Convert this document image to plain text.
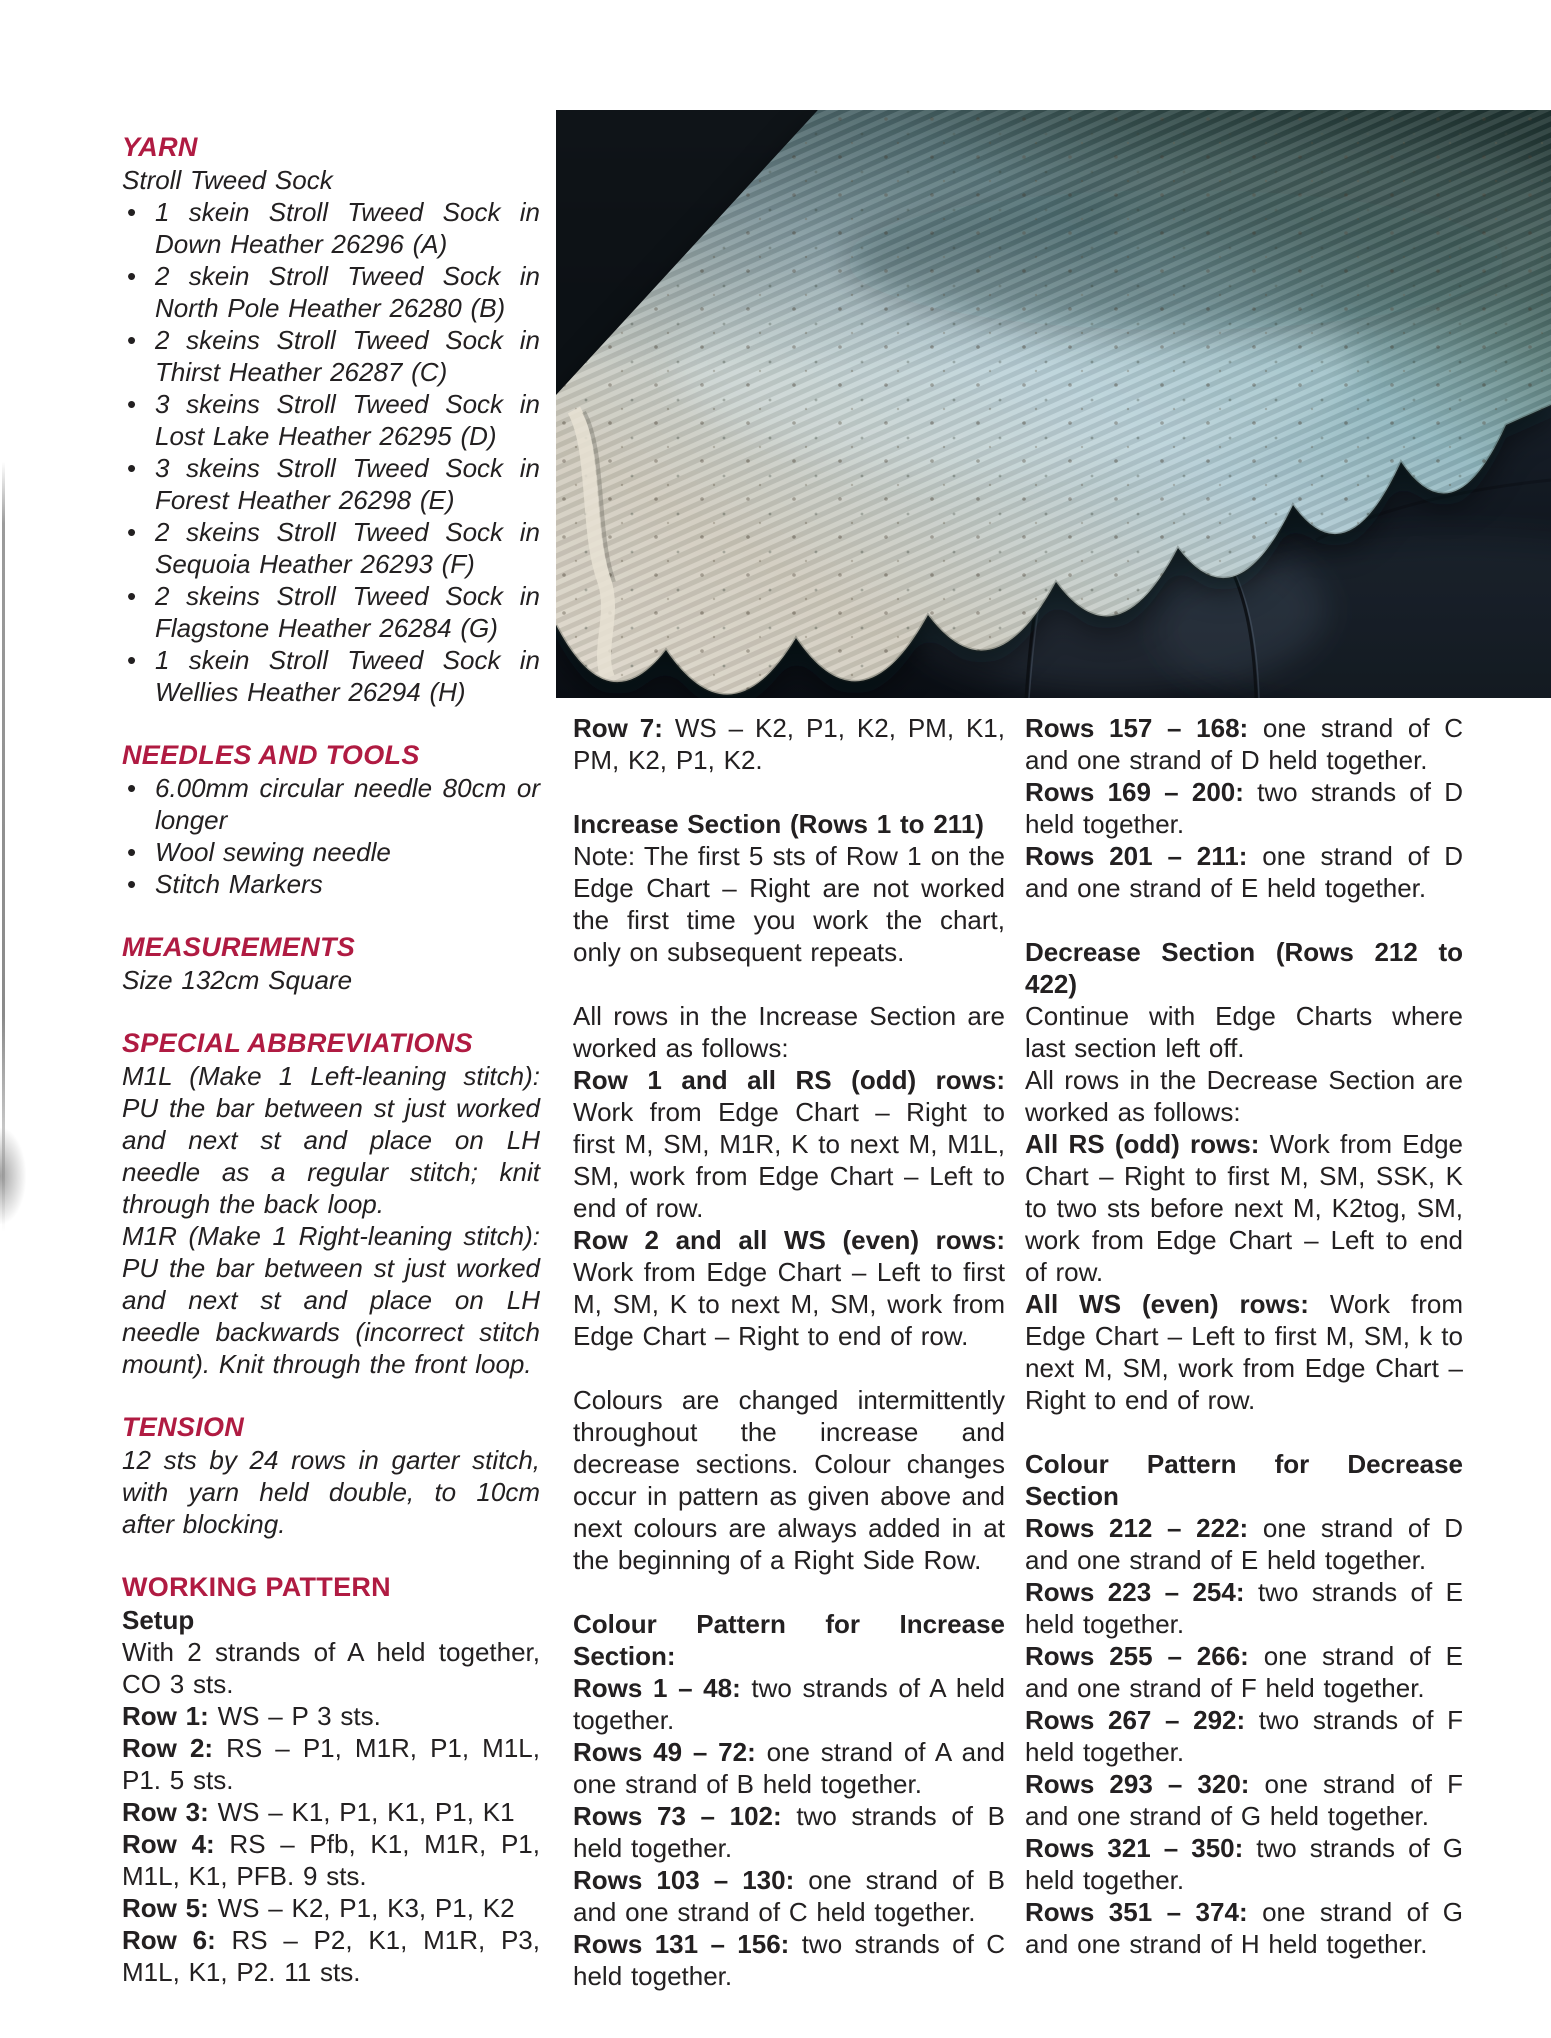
YARN

Stroll Tweed Sock

• 1 skein Stroll Tweed Sock in Down Heather 26296 (A)
• 2 skein Stroll Tweed Sock in North Pole Heather 26280 (B)
• 2 skeins Stroll Tweed Sock in Thirst Heather 26287 (C)
• 3 skeins Stroll Tweed Sock in Lost Lake Heather 26295 (D)
• 3 skeins Stroll Tweed Sock in Forest Heather 26298 (E)
• 2 skeins Stroll Tweed Sock in Sequoia Heather 26293 (F)
• 2 skeins Stroll Tweed Sock in Flagstone Heather 26284 (G)
• 1 skein Stroll Tweed Sock in Wellies Heather 26294 (H)
NEEDLES AND TOOLS
• 6.00mm circular needle 80cm or longer
• Wool sewing needle
• Stitch Markers
MEASUREMENTS

Size 132cm Square

SPECIAL ABBREVIATIONS

M1L (Make 1 Left-leaning stitch): PU the bar between st just worked and next st and place on LH needle as a regular stitch; knit through the back loop.

M1R (Make 1 Right-leaning stitch): PU the bar between st just worked and next st and place on LH needle backwards (incorrect stitch mount). Knit through the front loop.

TENSION

12 sts by 24 rows in garter stitch, with yarn held double, to 10cm after blocking.

WORKING PATTERN

Setup

With 2 strands of A held together, CO 3 sts.

Row 1: WS – P 3 sts.

Row 2: RS – P1, M1R, P1, M1L, P1. 5 sts.

Row 3: WS – K1, P1, K1, P1, K1

Row 4: RS – Pfb, K1, M1R, P1, M1L, K1, PFB. 9 sts.

Row 5: WS – K2, P1, K3, P1, K2

Row 6: RS – P2, K1, M1R, P3, M1L, K1, P2. 11 sts.

Row 7: WS – K2, P1, K2, PM, K1, PM, K2, P1, K2.

Increase Section (Rows 1 to 211)

Note: The first 5 sts of Row 1 on the Edge Chart – Right are not worked the first time you work the chart, only on subsequent repeats.

All rows in the Increase Section are worked as follows:

Row 1 and all RS (odd) rows: Work from Edge Chart – Right to first M, SM, M1R, K to next M, M1L, SM, work from Edge Chart – Left to end of row.

Row 2 and all WS (even) rows: Work from Edge Chart – Left to first M, SM, K to next M, SM, work from Edge Chart – Right to end of row.

Colours are changed intermittently throughout the increase and decrease sections. Colour changes occur in pattern as given above and next colours are always added in at the beginning of a Right Side Row.

Colour Pattern for Increase Section:

Rows 1 – 48: two strands of A held together.

Rows 49 – 72: one strand of A and one strand of B held together.

Rows 73 – 102: two strands of B held together.

Rows 103 – 130: one strand of B and one strand of C held together.

Rows 131 – 156: two strands of C held together.

Rows 157 – 168: one strand of C and one strand of D held together.

Rows 169 – 200: two strands of D held together.

Rows 201 – 211: one strand of D and one strand of E held together.

Decrease Section (Rows 212 to 422)

Continue with Edge Charts where last section left off.

All rows in the Decrease Section are worked as follows:

All RS (odd) rows: Work from Edge Chart – Right to first M, SM, SSK, K to two sts before next M, K2tog, SM, work from Edge Chart – Left to end of row.

All WS (even) rows: Work from Edge Chart – Left to first M, SM, k to next M, SM, work from Edge Chart – Right to end of row.

Colour Pattern for Decrease Section

Rows 212 – 222: one strand of D and one strand of E held together.

Rows 223 – 254: two strands of E held together.

Rows 255 – 266: one strand of E and one strand of F held together.

Rows 267 – 292: two strands of F held together.

Rows 293 – 320: one strand of F and one strand of G held together.

Rows 321 – 350: two strands of G held together.

Rows 351 – 374: one strand of G and one strand of H held together.
